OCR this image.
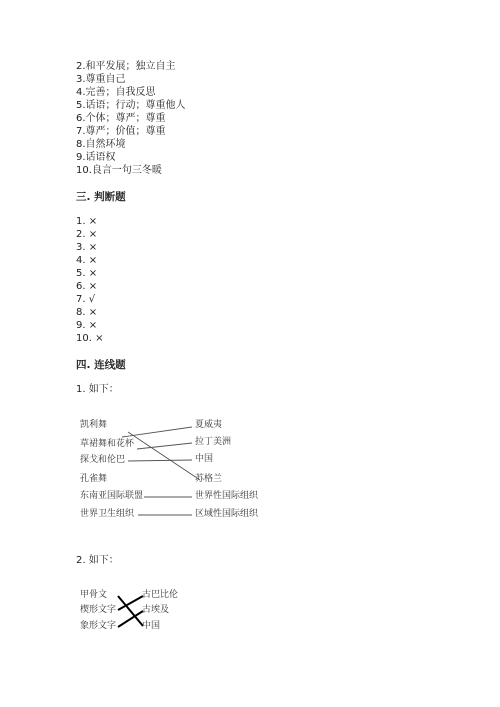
2.和平发展；独立自主
3.尊重自己
4.完善；自我反思
5.话语；行动；尊重他人
6.个体；尊严；尊重
7.尊严；价值；尊重
8.自然环境
9.话语权
10.良言一句三冬暖
三. 判断题
1. ×
2. ×
3. ×
4. ×
5. ×
6. ×
7. √
8. ×
9. ×
10. ×
四. 连线题
1. 如下：
凯利舞
草裙舞和花杯
探戈和伦巴
孔雀舞
东南亚国际联盟
世界卫生组织
夏威夷
拉丁美洲
中国
苏格兰
世界性国际组织
区域性国际组织
2. 如下：
甲骨文
楔形文字
象形文字
古巴比伦
古埃及
中国
